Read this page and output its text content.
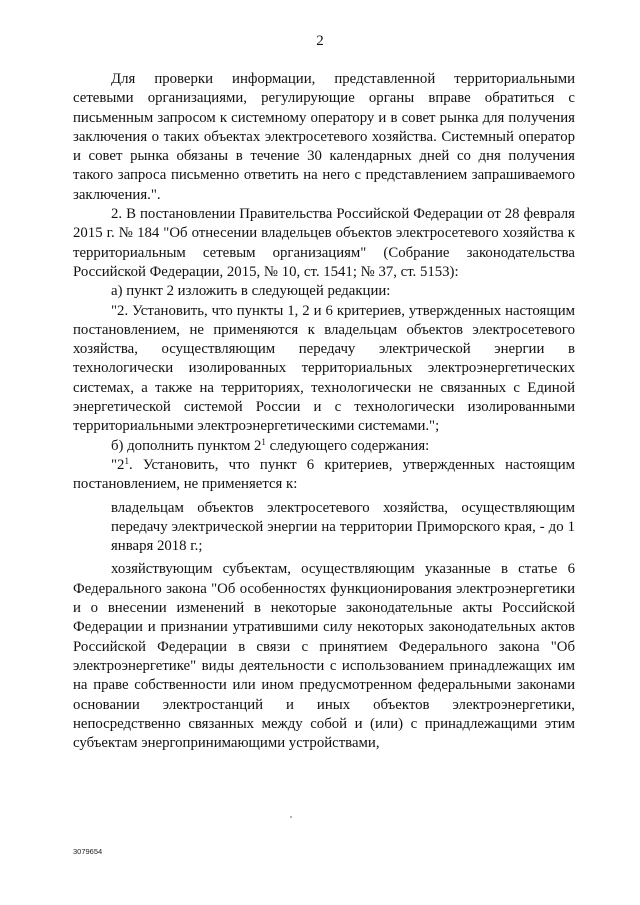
2

Для проверки информации, представленной территориальными сетевыми организациями, регулирующие органы вправе обратиться с письменным запросом к системному оператору и в совет рынка для получения заключения о таких объектах электросетевого хозяйства. Системный оператор и совет рынка обязаны в течение 30 календарных дней со дня получения такого запроса письменно ответить на него с представлением запрашиваемого заключения.".

2. В постановлении Правительства Российской Федерации от 28 февраля 2015 г. № 184 "Об отнесении владельцев объектов электросетевого хозяйства к территориальным сетевым организациям" (Собрание законодательства Российской Федерации, 2015, № 10, ст. 1541; № 37, ст. 5153):

а) пункт 2 изложить в следующей редакции:

"2. Установить, что пункты 1, 2 и 6 критериев, утвержденных настоящим постановлением, не применяются к владельцам объектов электросетевого хозяйства, осуществляющим передачу электрической энергии в технологически изолированных территориальных электроэнергетических системах, а также на территориях, технологически не связанных с Единой энергетической системой России и с технологически изолированными территориальными электроэнергетическими системами.";

б) дополнить пунктом $2^1$ следующего содержания:

"$2^1$. Установить, что пункт 6 критериев, утвержденных настоящим постановлением, не применяется к:

владельцам объектов электросетевого хозяйства, осуществляющим передачу электрической энергии на территории Приморского края, - до 1 января 2018 г.;

хозяйствующим субъектам, осуществляющим указанные в статье 6 Федерального закона "Об особенностях функционирования электроэнергетики и о внесении изменений в некоторые законодательные акты Российской Федерации и признании утратившими силу некоторых законодательных актов Российской Федерации в связи с принятием Федерального закона "Об электроэнергетике" виды деятельности с использованием принадлежащих им на праве собственности или ином предусмотренном федеральными законами основании электростанций и иных объектов электроэнергетики, непосредственно связанных между собой и (или) с принадлежащими этим субъектам энергопринимающими устройствами,

3079654
